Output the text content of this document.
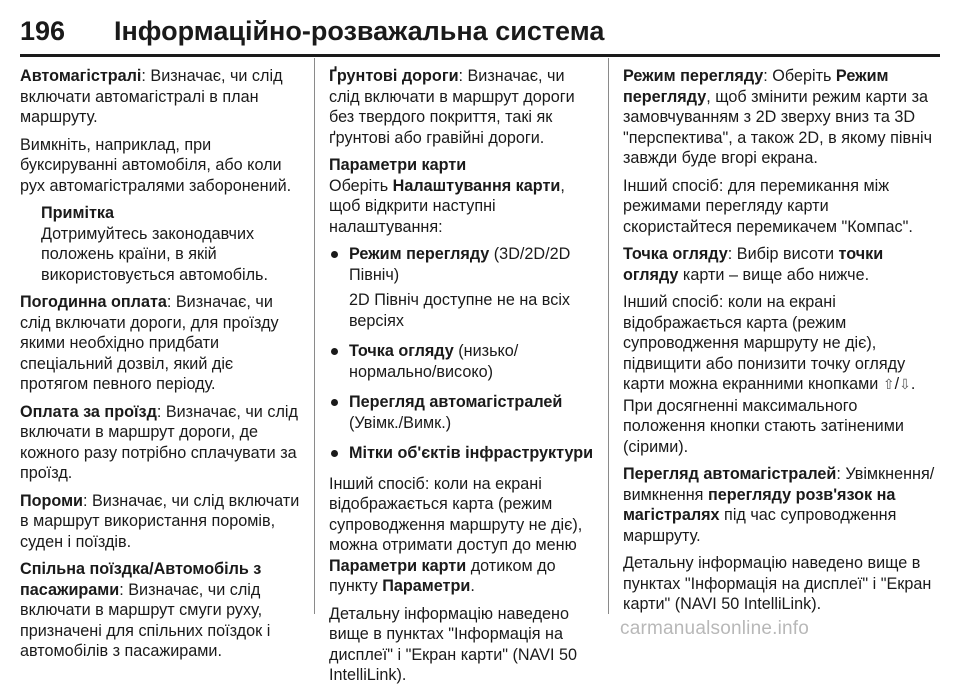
196 Інформаційно-розважальна система

Автомагістралі: Визначає, чи слід включати автомагістралі в план маршруту.

Вимкніть, наприклад, при буксируванні автомобіля, або коли рух автомагістралями заборонений.

Примітка
Дотримуйтесь законодавчих положень країни, в якій використовується автомобіль.

Погодинна оплата: Визначає, чи слід включати дороги, для проїзду якими необхідно придбати спеціальний дозвіл, який діє протягом певного періоду.

Оплата за проїзд: Визначає, чи слід включати в маршрут дороги, де кожного разу потрібно сплачувати за проїзд.

Пороми: Визначає, чи слід включати в маршрут використання поромів, суден і поїздів.

Спільна поїздка/Автомобіль з пасажирами: Визначає, чи слід включати в маршрут смуги руху, призначені для спільних поїздок і автомобілів з пасажирами.

Ґрунтові дороги: Визначає, чи слід включати в маршрут дороги без твердого покриття, такі як ґрунтові або гравійні дороги.

Параметри карти

Оберіть Налаштування карти, щоб відкрити наступні налаштування:

Режим перегляду (3D/2D/2D Північ)
2D Північ доступне не на всіх версіях
Точка огляду (низько/нормально/високо)
Перегляд автомагістралей (Увімк./Вимк.)
Мітки об'єктів інфраструктури

Інший спосіб: коли на екрані відображається карта (режим супроводження маршруту не діє), можна отримати доступ до меню Параметри карти дотиком до пункту Параметри.

Детальну інформацію наведено вище в пунктах "Інформація на дисплеї" і "Екран карти" (NAVI 50 IntelliLink).

Режим перегляду: Оберіть Режим перегляду, щоб змінити режим карти за замовчуванням з 2D зверху вниз та 3D "перспектива", а також 2D, в якому північ завжди буде вгорі екрана.

Інший спосіб: для перемикання між режимами перегляду карти скористайтеся перемикачем "Компас".

Точка огляду: Вибір висоти точки огляду карти – вище або нижче.

Інший спосіб: коли на екрані відображається карта (режим супроводження маршруту не діє), підвищити або понизити точку огляду карти можна екранними кнопками ⇧/⇩. При досягненні максимального положення кнопки стають затіненими (сірими).

Перегляд автомагістралей: Увімкнення/вимкнення перегляду розв'язок на магістралях під час супроводження маршруту.

Детальну інформацію наведено вище в пунктах "Інформація на дисплеї" і "Екран карти" (NAVI 50 IntelliLink).

carmanualsonline.info
